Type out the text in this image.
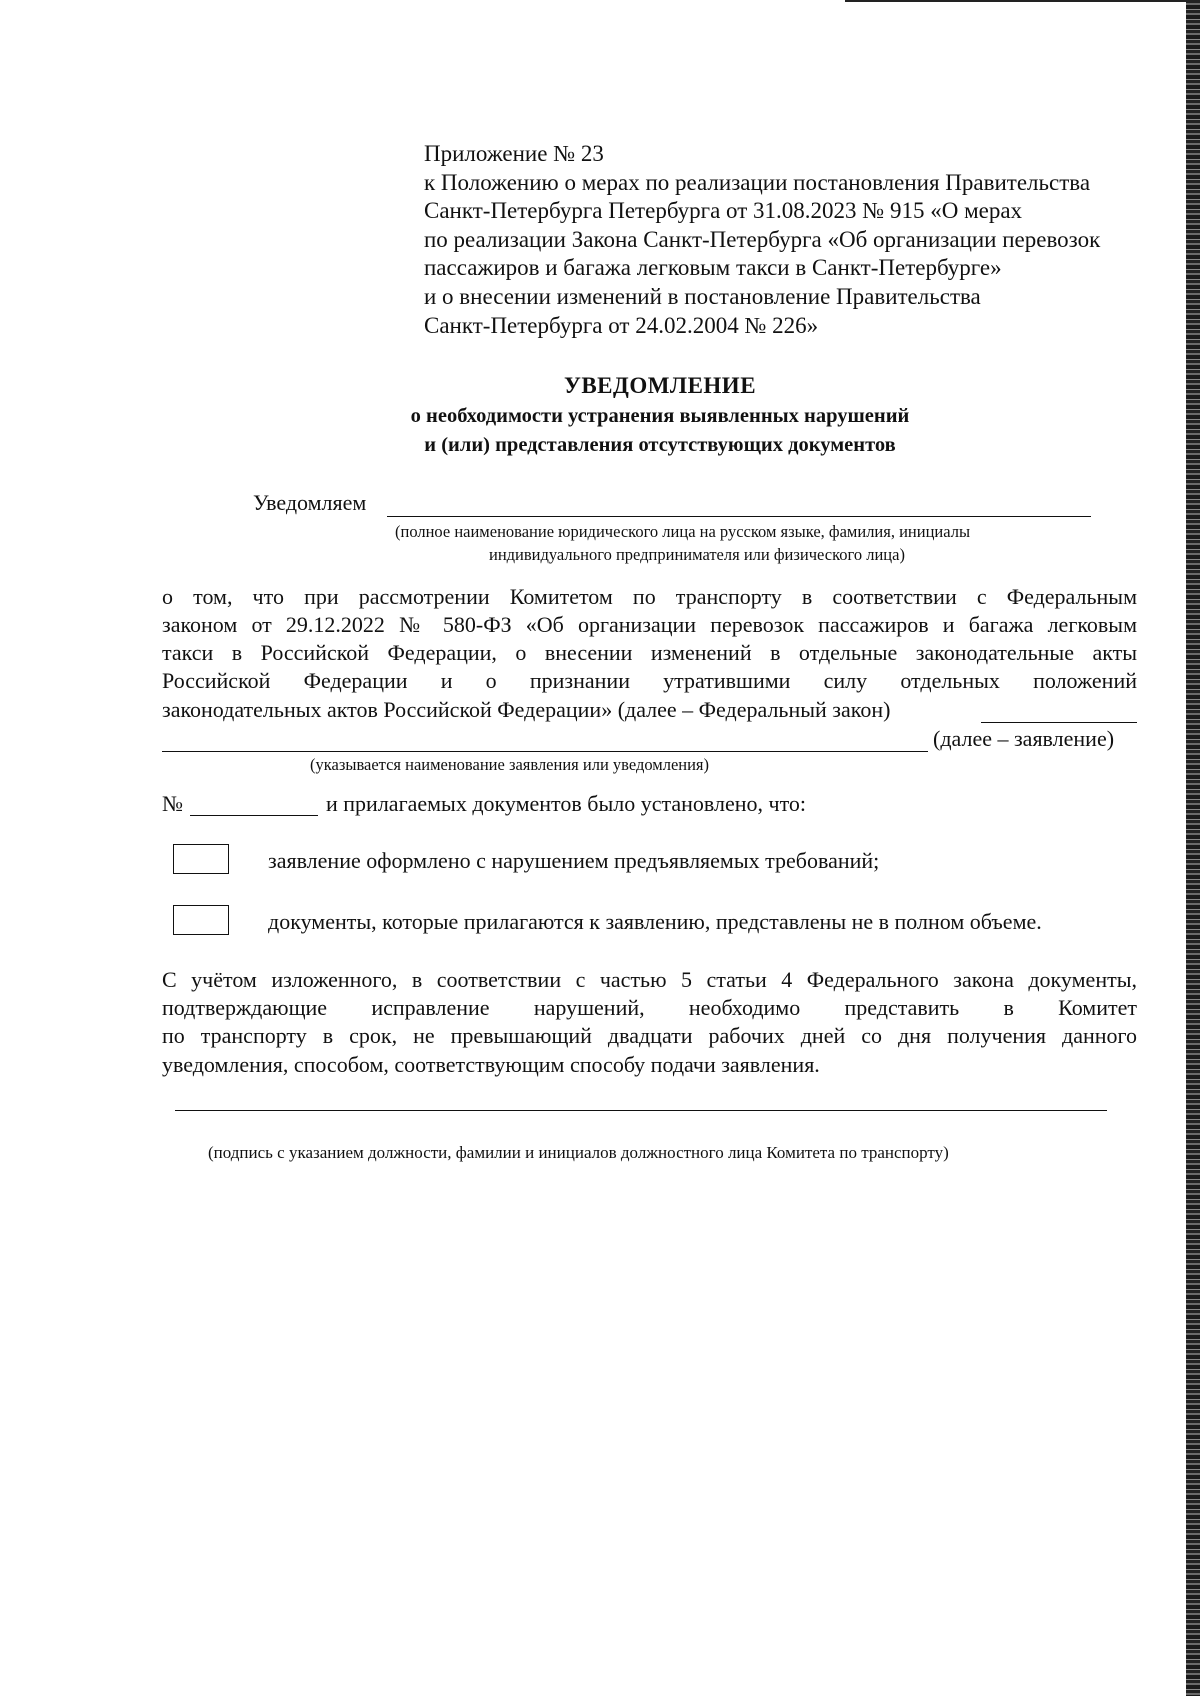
Приложение № 23
к Положению о мерах по реализации постановления Правительства
Санкт-Петербурга Петербурга от 31.08.2023 № 915 «О мерах
по реализации Закона Санкт-Петербурга «Об организации перевозок
пассажиров и багажа легковым такси в Санкт-Петербурге»
и о внесении изменений в постановление Правительства
Санкт-Петербурга от 24.02.2004 № 226»
УВЕДОМЛЕНИЕ
о необходимости устранения выявленных нарушений
и (или) представления отсутствующих документов
Уведомляем
(полное наименование юридического лица на русском языке, фамилия, инициалы
индивидуального предпринимателя или физического лица)
о том, что при рассмотрении Комитетом по транспорту в соответствии с Федеральным
законом от 29.12.2022 № 580-ФЗ «Об организации перевозок пассажиров и багажа легковым
такси в Российской Федерации, о внесении изменений в отдельные законодательные акты
Российской Федерации и о признании утратившими силу отдельных положений
законодательных актов Российской Федерации» (далее – Федеральный закон)
(далее – заявление)
(указывается наименование заявления или уведомления)
№	и прилагаемых документов было установлено, что:
заявление оформлено с нарушением предъявляемых требований;
документы, которые прилагаются к заявлению, представлены не в полном объеме.
С учётом изложенного, в соответствии с частью 5 статьи 4 Федерального закона документы,
подтверждающие исправление нарушений, необходимо представить в Комитет
по транспорту в срок, не превышающий двадцати рабочих дней со дня получения данного
уведомления, способом, соответствующим способу подачи заявления.
(подпись с указанием должности, фамилии и инициалов должностного лица Комитета по транспорту)
